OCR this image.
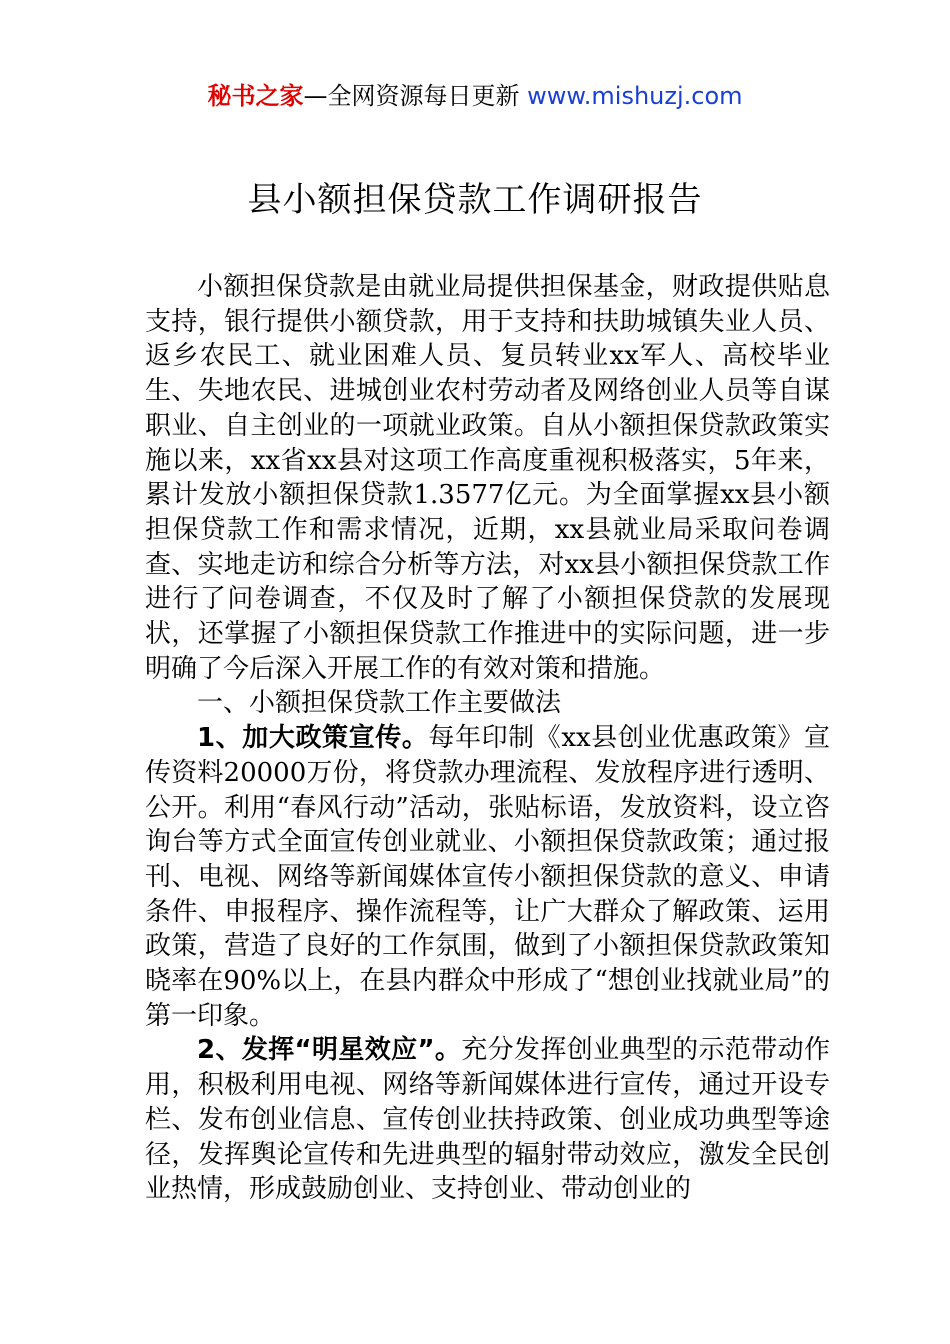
秘书之家—全网资源每日更新 www.mishuzj.com
县小额担保贷款工作调研报告

小额担保贷款是由就业局提供担保基金，财政提供贴息支持，银行提供小额贷款，用于支持和扶助城镇失业人员、返乡农民工、就业困难人员、复员转业xx军人、高校毕业生、失地农民、进城创业农村劳动者及网络创业人员等自谋职业、自主创业的一项就业政策。自从小额担保贷款政策实施以来，xx省xx县对这项工作高度重视积极落实，5年来，累计发放小额担保贷款1.3577亿元。为全面掌握xx县小额担保贷款工作和需求情况，近期，xx县就业局采取问卷调查、实地走访和综合分析等方法，对xx县小额担保贷款工作进行了问卷调查，不仅及时了解了小额担保贷款的发展现状，还掌握了小额担保贷款工作推进中的实际问题，进一步明确了今后深入开展工作的有效对策和措施。

一、小额担保贷款工作主要做法

1、加大政策宣传。每年印制《xx县创业优惠政策》宣传资料20000万份，将贷款办理流程、发放程序进行透明、公开。利用“春风行动”活动，张贴标语，发放资料，设立咨询台等方式全面宣传创业就业、小额担保贷款政策；通过报刊、电视、网络等新闻媒体宣传小额担保贷款的意义、申请条件、申报程序、操作流程等，让广大群众了解政策、运用政策，营造了良好的工作氛围，做到了小额担保贷款政策知晓率在90%以上，在县内群众中形成了“想创业找就业局”的第一印象。

2、发挥“明星效应”。充分发挥创业典型的示范带动作用，积极利用电视、网络等新闻媒体进行宣传，通过开设专栏、发布创业信息、宣传创业扶持政策、创业成功典型等途径，发挥舆论宣传和先进典型的辐射带动效应，激发全民创业热情，形成鼓励创业、支持创业、带动创业的
